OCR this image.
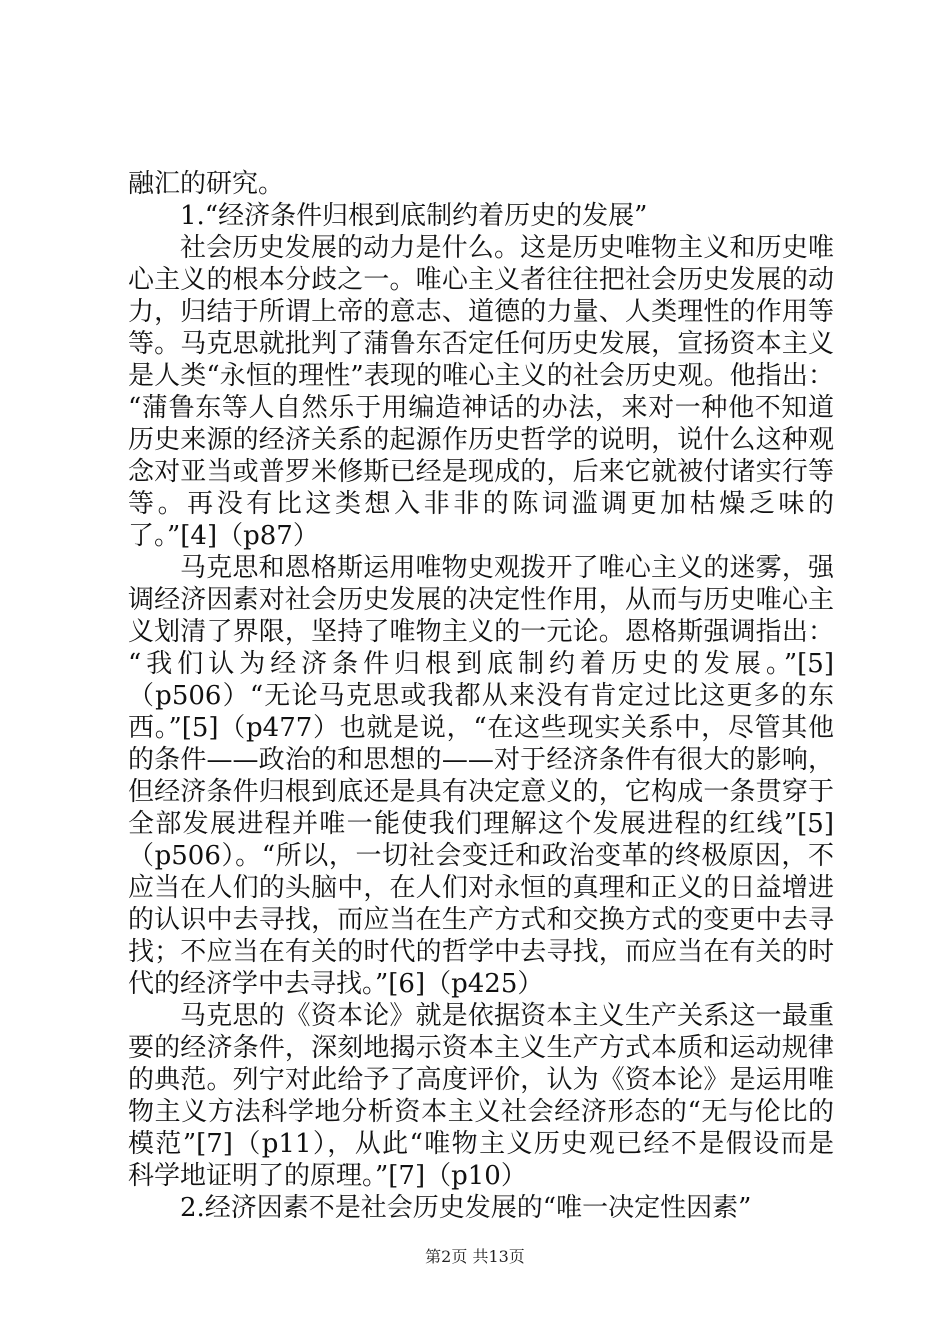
融汇的研究。
1.“经济条件归根到底制约着历史的发展”
社会历史发展的动力是什么。这是历史唯物主义和历史唯
心主义的根本分歧之一。唯心主义者往往把社会历史发展的动
力，归结于所谓上帝的意志、道德的力量、人类理性的作用等
等。马克思就批判了蒲鲁东否定任何历史发展，宣扬资本主义
是人类“永恒的理性”表现的唯心主义的社会历史观。他指出：
“蒲鲁东等人自然乐于用编造神话的办法，来对一种他不知道
历史来源的经济关系的起源作历史哲学的说明，说什么这种观
念对亚当或普罗米修斯已经是现成的，后来它就被付诸实行等
等。再没有比这类想入非非的陈词滥调更加枯燥乏味的
了。”[4]（p87）
马克思和恩格斯运用唯物史观拨开了唯心主义的迷雾，强
调经济因素对社会历史发展的决定性作用，从而与历史唯心主
义划清了界限，坚持了唯物主义的一元论。恩格斯强调指出：
“我们认为经济条件归根到底制约着历史的发展。”[5]
（p506）“无论马克思或我都从来没有肯定过比这更多的东
西。”[5]（p477）也就是说，“在这些现实关系中，尽管其他
的条件——政治的和思想的——对于经济条件有很大的影响，
但经济条件归根到底还是具有决定意义的，它构成一条贯穿于
全部发展进程并唯一能使我们理解这个发展进程的红线”[5]
（p506）。“所以，一切社会变迁和政治变革的终极原因，不
应当在人们的头脑中，在人们对永恒的真理和正义的日益增进
的认识中去寻找，而应当在生产方式和交换方式的变更中去寻
找；不应当在有关的时代的哲学中去寻找，而应当在有关的时
代的经济学中去寻找。”[6]（p425）
马克思的《资本论》就是依据资本主义生产关系这一最重
要的经济条件，深刻地揭示资本主义生产方式本质和运动规律
的典范。列宁对此给予了高度评价，认为《资本论》是运用唯
物主义方法科学地分析资本主义社会经济形态的“无与伦比的
模范”[7]（p11），从此“唯物主义历史观已经不是假设而是
科学地证明了的原理。”[7]（p10）
2.经济因素不是社会历史发展的“唯一决定性因素”
第2页 共13页
